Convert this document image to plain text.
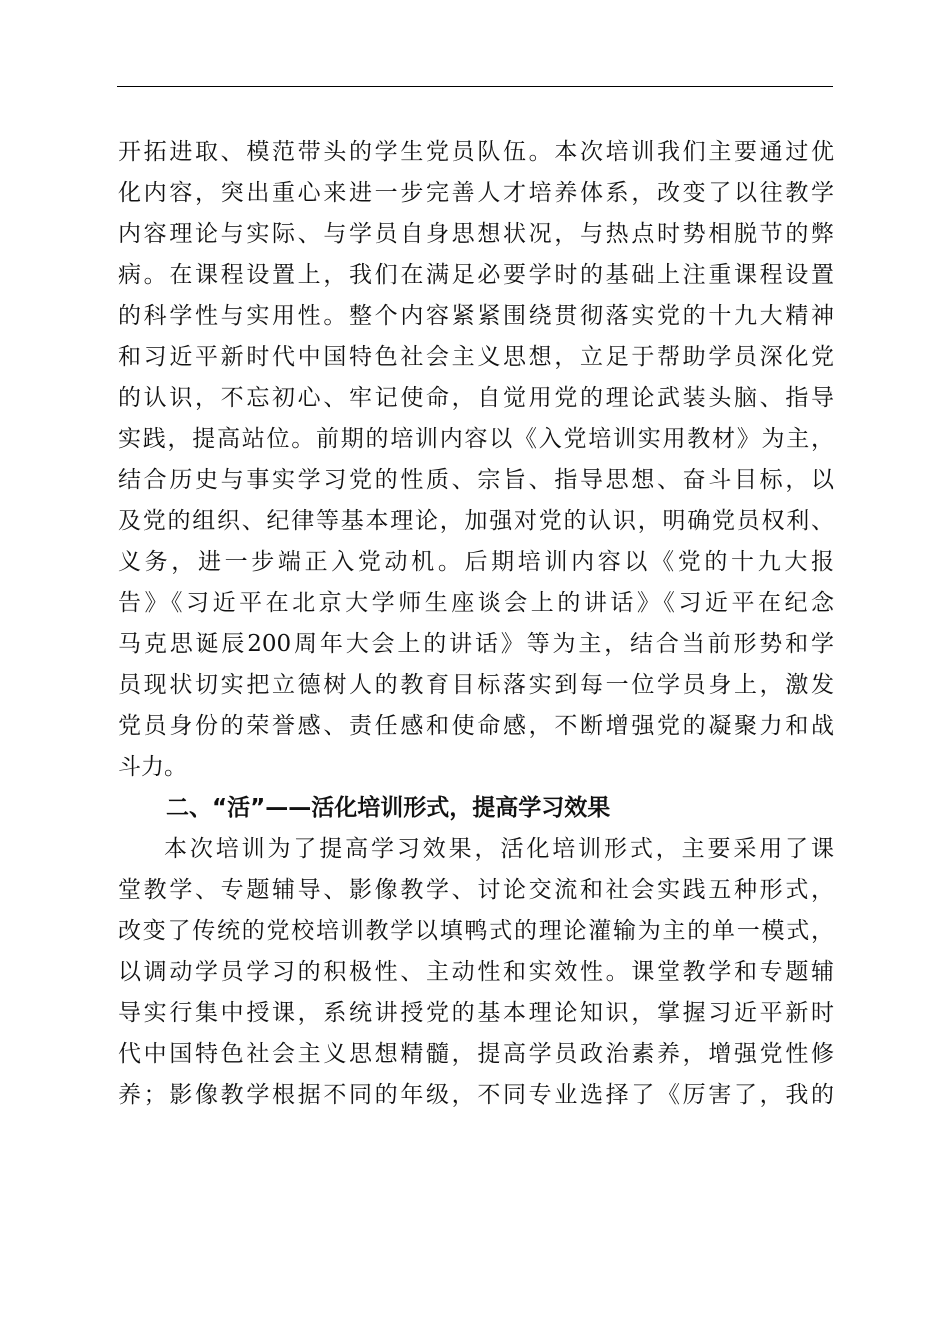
开拓进取、模范带头的学生党员队伍。本次培训我们主要通过优
化内容，突出重心来进一步完善人才培养体系，改变了以往教学
内容理论与实际、与学员自身思想状况，与热点时势相脱节的弊
病。在课程设置上，我们在满足必要学时的基础上注重课程设置
的科学性与实用性。整个内容紧紧围绕贯彻落实党的十九大精神
和习近平新时代中国特色社会主义思想，立足于帮助学员深化党
的认识，不忘初心、牢记使命，自觉用党的理论武装头脑、指导
实践，提高站位。前期的培训内容以《入党培训实用教材》为主，
结合历史与事实学习党的性质、宗旨、指导思想、奋斗目标，以
及党的组织、纪律等基本理论，加强对党的认识，明确党员权利、
义务，进一步端正入党动机。后期培训内容以《党的十九大报
告》《习近平在北京大学师生座谈会上的讲话》《习近平在纪念
马克思诞辰200周年大会上的讲话》等为主，结合当前形势和学
员现状切实把立德树人的教育目标落实到每一位学员身上，激发
党员身份的荣誉感、责任感和使命感，不断增强党的凝聚力和战
斗力。
二、“活”——活化培训形式，提高学习效果
本次培训为了提高学习效果，活化培训形式，主要采用了课
堂教学、专题辅导、影像教学、讨论交流和社会实践五种形式，
改变了传统的党校培训教学以填鸭式的理论灌输为主的单一模式，
以调动学员学习的积极性、主动性和实效性。课堂教学和专题辅
导实行集中授课，系统讲授党的基本理论知识，掌握习近平新时
代中国特色社会主义思想精髓，提高学员政治素养，增强党性修
养；影像教学根据不同的年级，不同专业选择了《厉害了，我的
